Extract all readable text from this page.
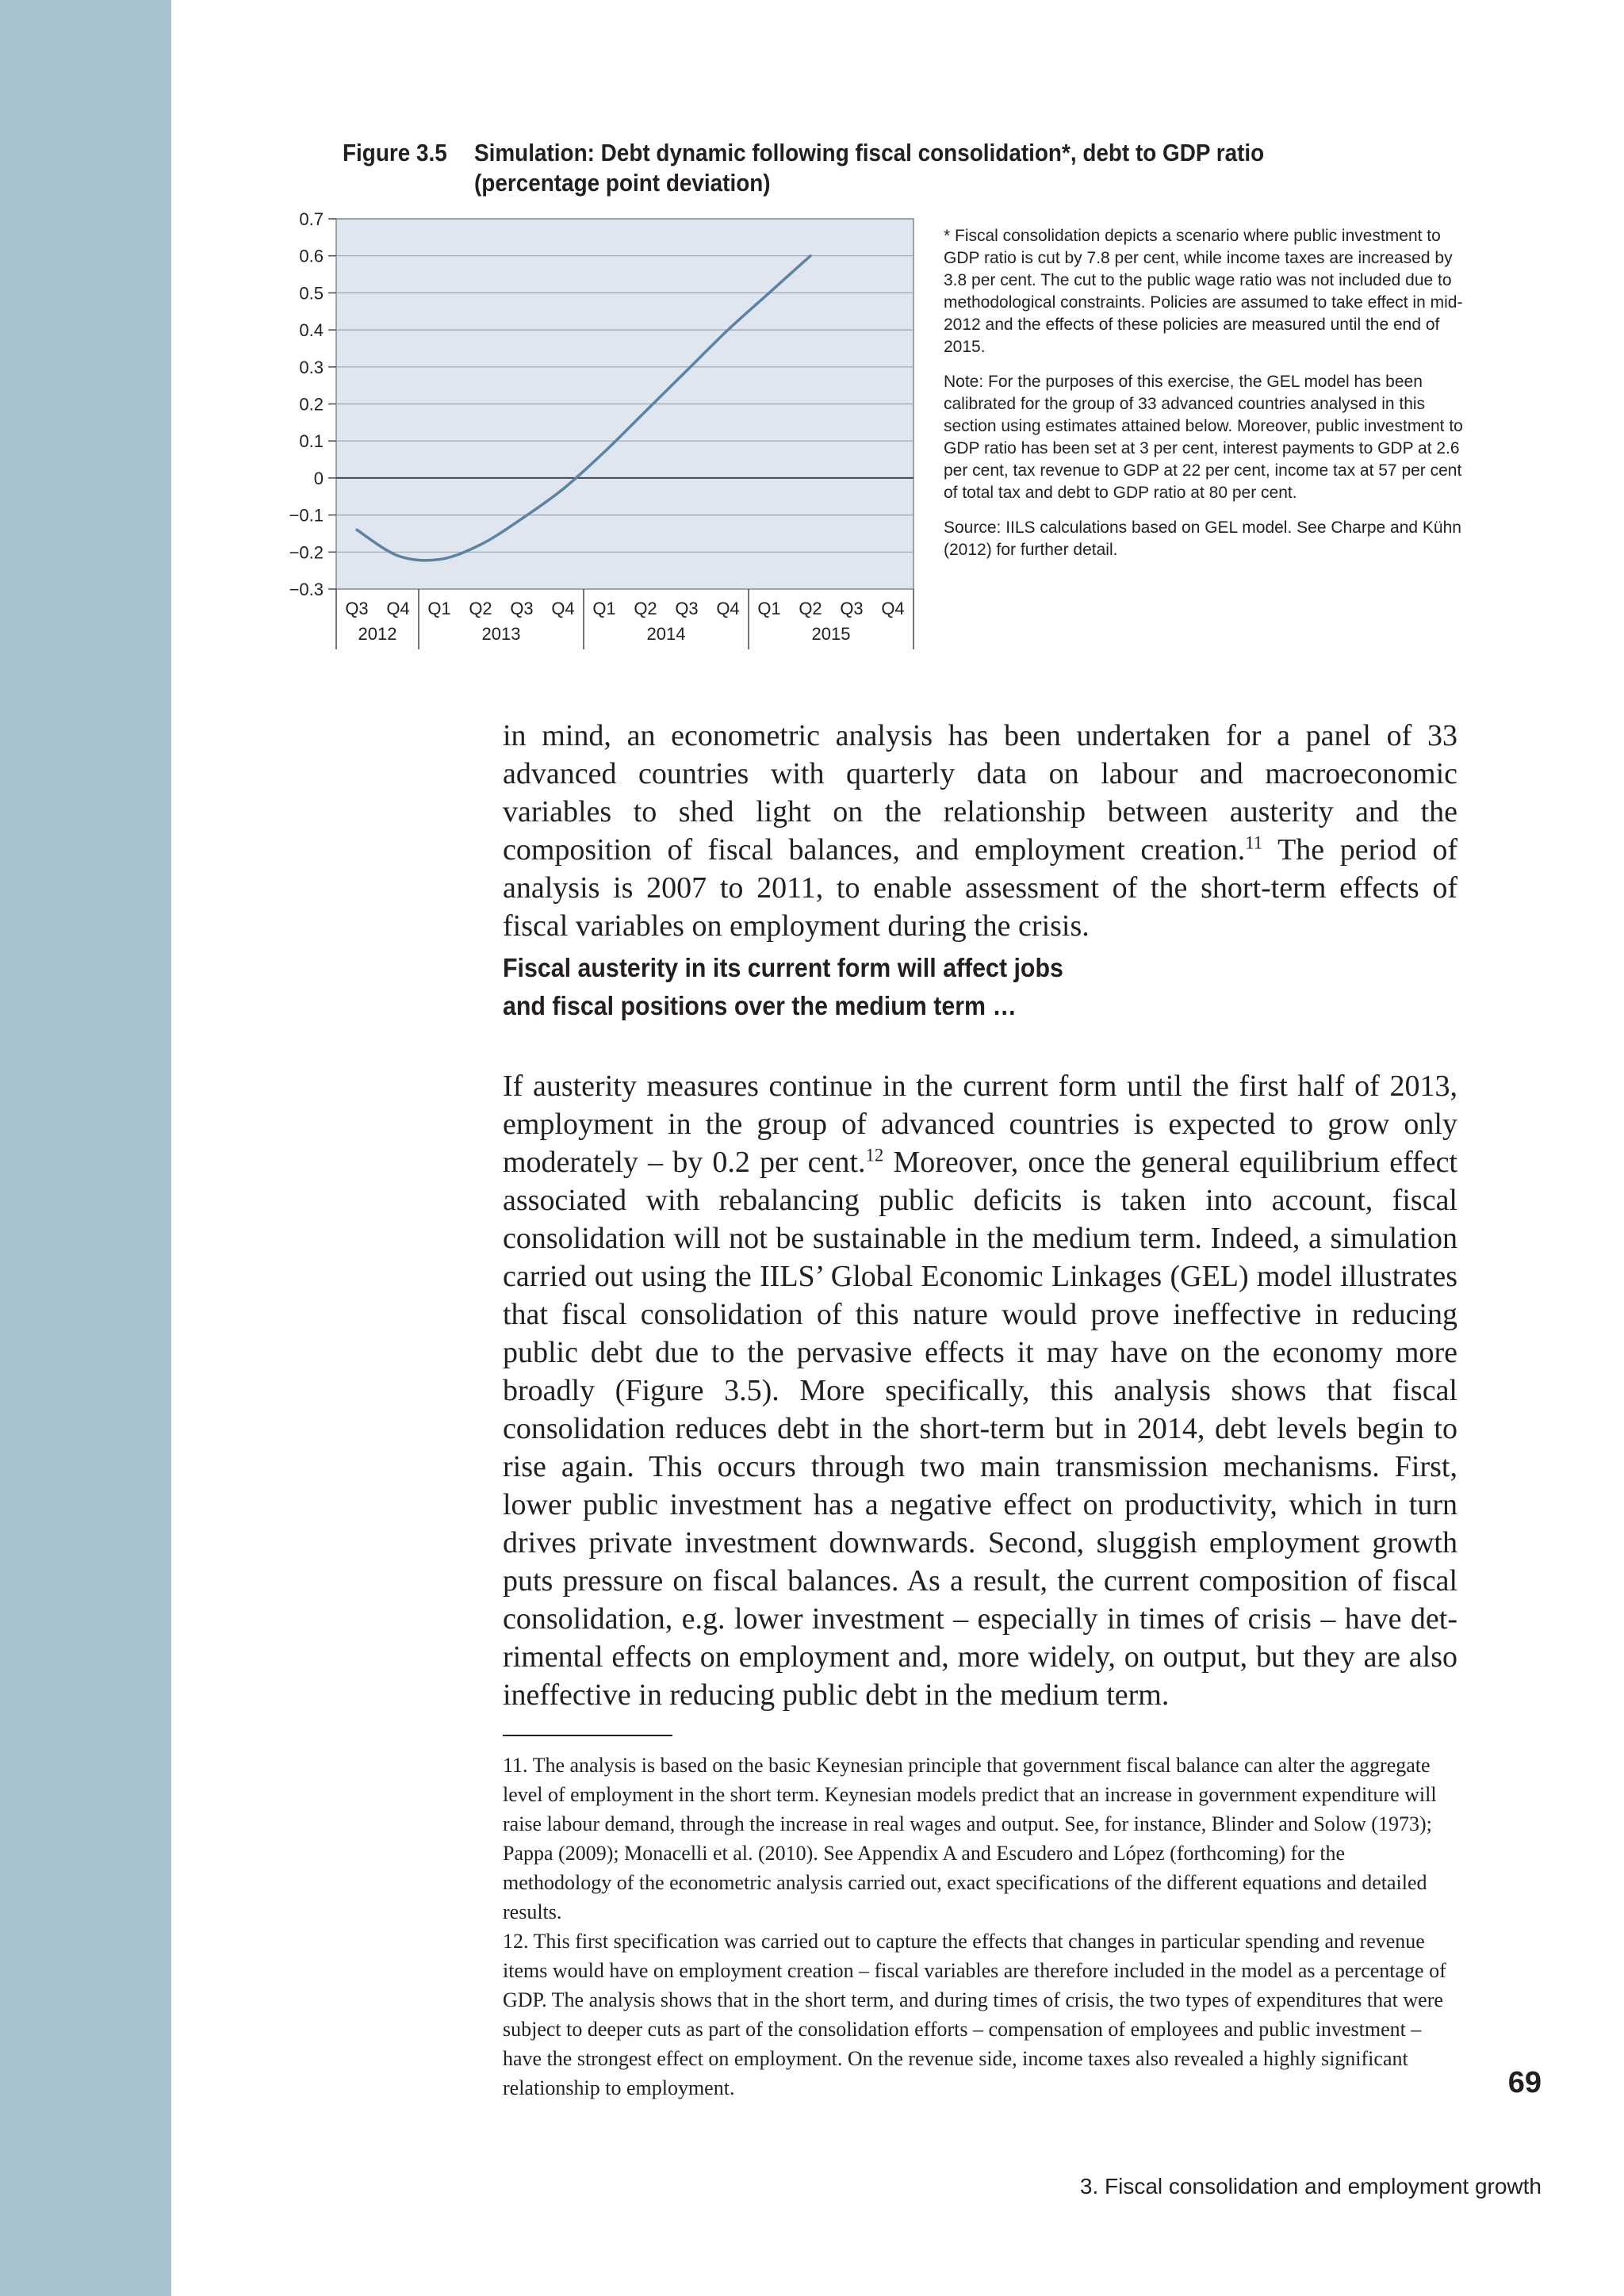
Figure 3.5 Simulation: Debt dynamic following fiscal consolidation*, debt to GDP ratio (percentage point deviation)
−0.3
−0.2
−0.1
0
0.1
0.2
0.3
0.4
0.5
0.6
0.7
Q3 Q4 Q1 Q2 Q3 Q4 Q1 Q2 Q3 Q4 Q1 Q2 Q3 Q4
2012	2013	2014	2015

* Fiscal consolidation depicts a scenario where public investment to GDP ratio is cut by 7.8 per cent, while income taxes are increased by 3.8 per cent. The cut to the public wage ratio was not included due to methodological constraints. Policies are assumed to take effect in mid-2012 and the effects of these policies are measured until the end of 2015.

Note: For the purposes of this exercise, the GEL model has been calibrated for the group of 33 advanced countries analysed in this section using estimates attained below. Moreover, public investment to GDP ratio has been set at 3 per cent, interest payments to GDP at 2.6 per cent, tax revenue to GDP at 22 per cent, income tax at 57 per cent of total tax and debt to GDP ratio at 80 per cent.

Source: IILS calculations based on GEL model. See Charpe and Kühn (2012) for further detail.

in mind, an econometric analysis has been undertaken for a panel of 33 advanced countries with quarterly data on labour and macroeconomic variables to shed light on the relationship between austerity and the composition of fiscal balances, and employment creation.$^{11}$ The period of analysis is 2007 to 2011, to enable assessment of the short-term effects of fiscal variables on employment during the crisis.

Fiscal austerity in its current form will affect jobs
and fiscal positions over the medium term …

If austerity measures continue in the current form until the first half of 2013, employment in the group of advanced countries is expected to grow only moderately – by 0.2 per cent.$^{12}$ Moreover, once the general equilibrium effect associated with rebalancing public deficits is taken into account, fiscal consolidation will not be sustainable in the medium term. Indeed, a simulation carried out using the IILS’ Global Economic Linkages (GEL) model illustrates that fiscal consolidation of this nature would prove ineffective in reducing public debt due to the pervasive effects it may have on the economy more broadly (Figure 3.5). More specifically, this analysis shows that fiscal consolidation reduces debt in the short-term but in 2014, debt levels begin to rise again. This occurs through two main transmission mechanisms. First, lower public investment has a negative effect on productivity, which in turn drives private investment downwards. Second, sluggish employment growth puts pressure on fiscal balances. As a result, the current composition of fiscal consolidation, e.g. lower investment – especially in times of crisis – have detrimental effects on employment and, more widely, on output, but they are also ineffective in reducing public debt in the medium term.

11. The analysis is based on the basic Keynesian principle that government fiscal balance can alter the aggregate level of employment in the short term. Keynesian models predict that an increase in government expenditure will raise labour demand, through the increase in real wages and output. See, for instance, Blinder and Solow (1973); Pappa (2009); Monacelli et al. (2010). See Appendix A and Escudero and López (forthcoming) for the methodology of the econometric analysis carried out, exact specifications of the different equations and detailed results.

12. This first specification was carried out to capture the effects that changes in particular spending and revenue items would have on employment creation – fiscal variables are therefore included in the model as a percentage of GDP. The analysis shows that in the short term, and during times of crisis, the two types of expenditures that were subject to deeper cuts as part of the consolidation efforts – compensation of employees and public investment – have the strongest effect on employment. On the revenue side, income taxes also revealed a highly significant relationship to employment.	69
3. Fiscal consolidation and employment growth
